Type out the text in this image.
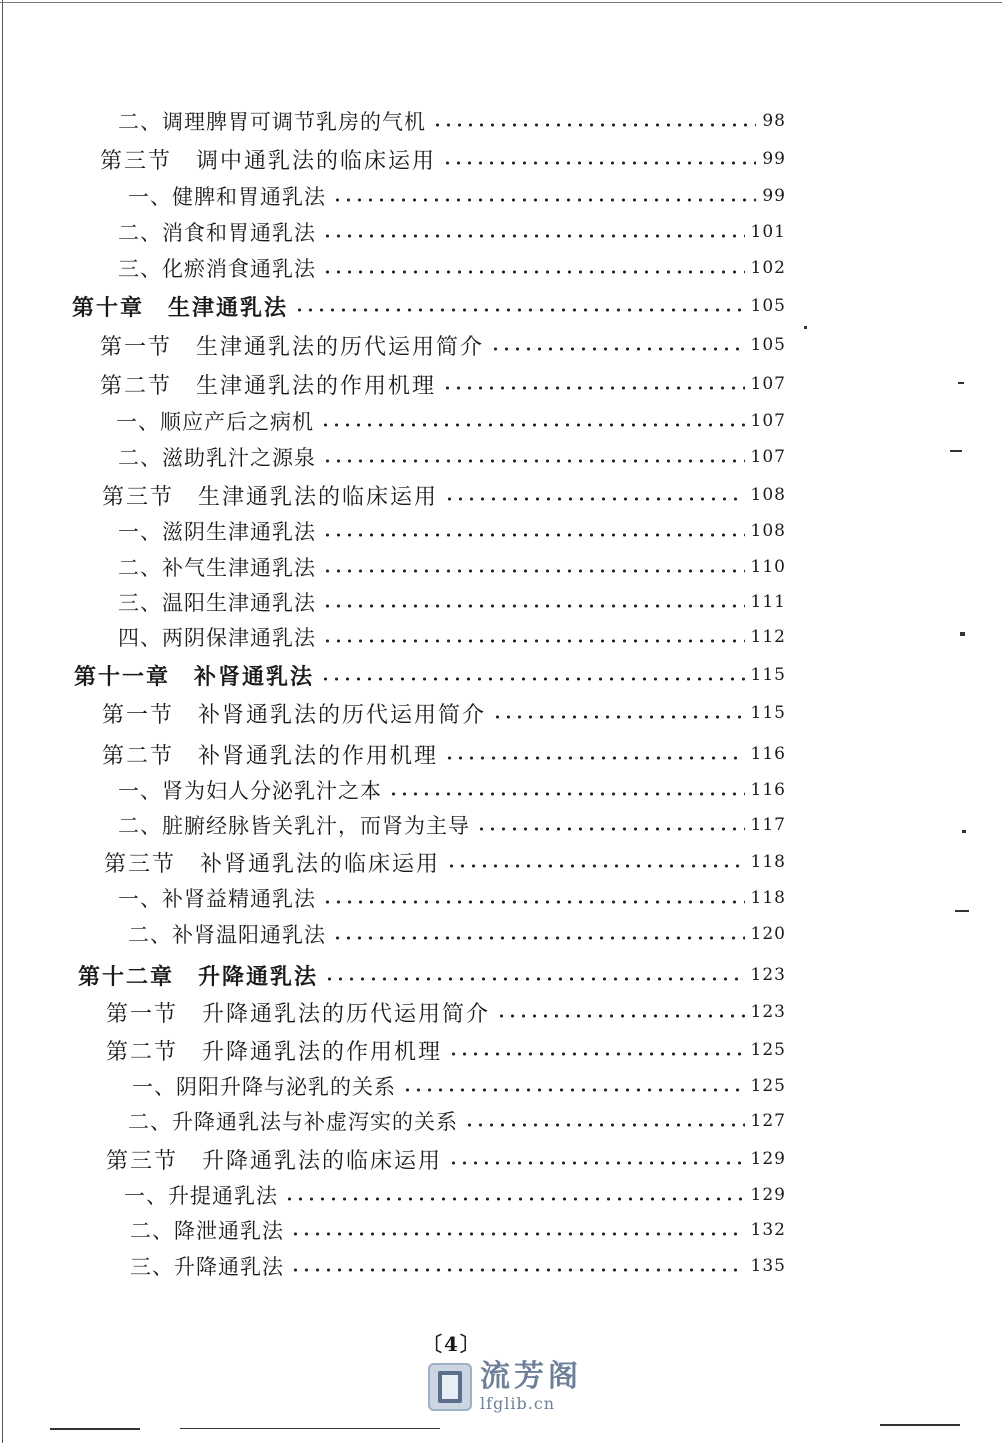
二、调理脾胃可调节乳房的气机	98
第三节　调中通乳法的临床运用	99
一、健脾和胃通乳法	99
二、消食和胃通乳法	101
三、化瘀消食通乳法	102
第十章　生津通乳法	105
第一节　生津通乳法的历代运用简介	105
第二节　生津通乳法的作用机理	107
一、顺应产后之病机	107
二、滋助乳汁之源泉	107
第三节　生津通乳法的临床运用	108
一、滋阴生津通乳法	108
二、补气生津通乳法	110
三、温阳生津通乳法	111
四、两阴保津通乳法	112
第十一章　补肾通乳法	115
第一节　补肾通乳法的历代运用简介	115
第二节　补肾通乳法的作用机理	116
一、肾为妇人分泌乳汁之本	116
二、脏腑经脉皆关乳汁，而肾为主导	117
第三节　补肾通乳法的临床运用	118
一、补肾益精通乳法	118
二、补肾温阳通乳法	120
第十二章　升降通乳法	123
第一节　升降通乳法的历代运用简介	123
第二节　升降通乳法的作用机理	125
一、阴阳升降与泌乳的关系	125
二、升降通乳法与补虚泻实的关系	127
第三节　升降通乳法的临床运用	129
一、升提通乳法	129
二、降泄通乳法	132
三、升降通乳法	135
〔4〕
流芳阁
lfglib.cn
